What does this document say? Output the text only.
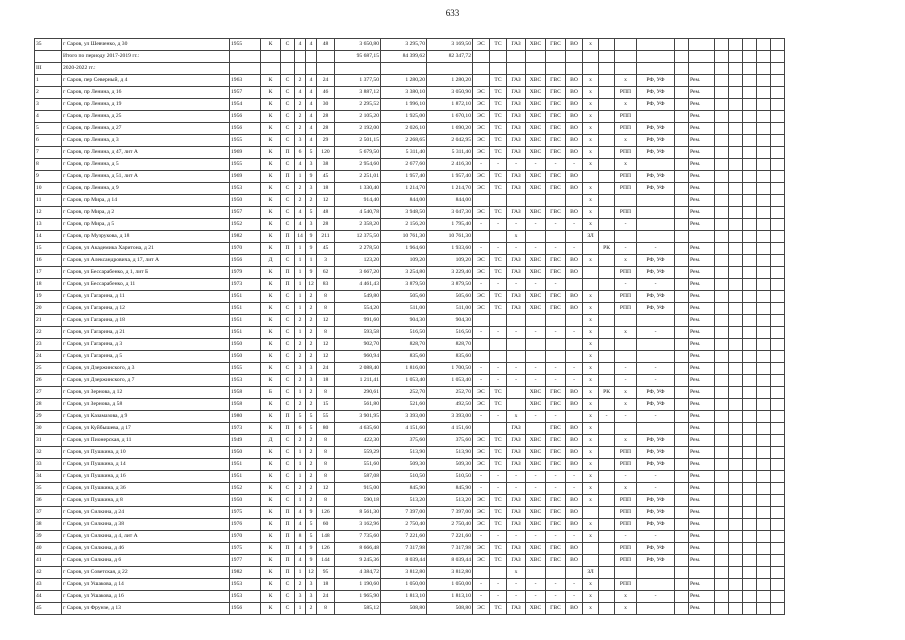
633
35	г Саров, ул Шевченко, д 30	1955	К	С	4	4	48	3 650,80	3 295,70	3 169,50	ЭС	ТС	ГАЗ	ХВС	ГВС	ВО	х										
	Итого по периоду 2017-2019 гг.:							95 687,15	84 399,62	82 347,72																	
III	2020-2022 гг.:																										
1	г Саров, пер Северный, д 4	1963	К	С	2	4	24	1 377,50	1 280,20	1 280,20		ТС	ГАЗ	ХВС	ГВС	ВО	х		х	РФ, УФ		Рем.					
2	г Саров, пр Ленина, д 16	1957	К	С	4	4	46	3 887,12	3 380,10	3 050,90	ЭС	ТС	ГАЗ	ХВС	ГВС	ВО	х		РПП	РФ, УФ		Рем.					
3	г Саров, пр Ленина, д 19	1954	К	С	2	4	30	2 295,52	1 996,10	1 872,10	ЭС	ТС	ГАЗ	ХВС	ГВС	ВО	х		х	РФ, УФ		Рем.					
4	г Саров, пр Ленина, д 25	1956	К	С	2	4	28	2 105,20	1 925,00	1 670,10	ЭС	ТС	ГАЗ	ХВС	ГВС	ВО	х		РПП			Рем.					
5	г Саров, пр Ленина, д 27	1956	К	С	2	4	28	2 192,00	2 026,10	1 690,20	ЭС	ТС	ГАЗ	ХВС	ГВС	ВО	х		РПП	РФ, УФ		Рем.					
6	г Саров, пр Ленина, д 3	1955	К	С	3	4	29	2 501,15	2 268,65	2 042,95	ЭС	ТС	ГАЗ	ХВС	ГВС	ВО	х		х	РФ, УФ		Рем.					
7	г Саров, пр Ленина, д 47, лит А	1969	К	П	6	5	120	5 679,50	5 311,40	5 311,40	ЭС	ТС	ГАЗ	ХВС	ГВС	ВО	х		РПП	РФ, УФ		Рем.					
8	г Саров, пр Ленина, д 5	1955	К	С	4	3	38	2 954,60	2 677,60	2 416,30	-	-	-	-	-	-	х		х			Рем.					
9	г Саров, пр Ленина, д 51, лит А	1969	К	П	1	9	45	2 251,01	1 957,40	1 957,40	ЭС	ТС	ГАЗ	ХВС	ГВС	ВО			РПП	РФ, УФ		Рем.					
10	г Саров, пр Ленина, д 9	1953	К	С	2	3	18	1 330,40	1 214,70	1 214,70	ЭС	ТС	ГАЗ	ХВС	ГВС	ВО	х		РПП	РФ, УФ		Рем.					
11	г Саров, пр Мира, д 14	1950	К	С	2	2	12	914,40	844,00	844,00							х					Рем.					
12	г Саров, пр Мира, д 2	1957	К	С	4	5	48	4 540,78	3 948,50	3 047,30	ЭС	ТС	ГАЗ	ХВС	ГВС	ВО	х		РПП			Рем.					
13	г Саров, пр Мира, д 5	1952	К	С	4	3	28	2 358,20	2 156,20	1 795,40	-	-	-	-	-	-	х		-			Рем.					
14	г Саров, пр Музрукова, д 18	1982	К	П	14	9	211	12 375,50	10 761,30	10 761,30			х				ЗЛ										
15	г Саров, ул Академика Харитона, д 21	1970	К	П	1	9	45	2 278,50	1 964,60	1 933,60	-	-	-	-	-	-		РК	-	-		Рем.					
16	г Саров, ул Александровича, д 17, лит А	1956	Д	С	1	1	3	123,20	109,20	109,20	ЭС	ТС	ГАЗ	ХВС	ГВС	ВО	х		х	РФ, УФ		Рем.					
17	г Саров, ул Бессарабенко, д 1, лит Б	1979	К	П	1	9	62	3 667,20	3 254,80	3 229,40	ЭС	ТС	ГАЗ	ХВС	ГВС	ВО			РПП	РФ, УФ		Рем.					
18	г Саров, ул Бессарабенко, д 11	1973	К	П	1	12	83	4 461,43	3 879,50	3 879,50	-	-	-	-	-				-	-		Рем.					
19	г Саров, ул Гагарина, д 11	1951	К	С	1	2	8	549,80	505,60	505,60	ЭС	ТС	ГАЗ	ХВС	ГВС	ВО	х		РПП	РФ, УФ		Рем.					
20	г Саров, ул Гагарина, д 12	1951	К	С	1	2	8	554,20	511,00	511,00	ЭС	ТС	ГАЗ	ХВС	ГВС	ВО	х		РПП	РФ, УФ		Рем.					
21	г Саров, ул Гагарина, д 18	1951	К	С	2	2	12	991,60	904,30	904,30							х					Рем.					
22	г Саров, ул Гагарина, д 21	1951	К	С	1	2	8	593,58	516,50	516,50	-	-	-	-	-	-	х		х	-		Рем.					
23	г Саров, ул Гагарина, д 3	1950	К	С	2	2	12	902,70	828,70	828,70							х					Рем.					
24	г Саров, ул Гагарина, д 5	1950	К	С	2	2	12	960,94	835,60	835,60							х					Рем.					
25	г Саров, ул Дзержинского, д 3	1955	К	С	3	3	24	2 088,40	1 816,00	1 700,50	-	-	-	-	-	-	х		-	-		Рем.					
26	г Саров, ул Дзержинского, д 7	1953	К	С	2	3	18	1 211,41	1 053,40	1 053,40	-	-	-	-	-	-	х		-	-		Рем.					
27	г Саров, ул Зернова, д 12	1958	Б	С	1	2	8	290,61	252,70	252,70	ЭС	ТС		ХВС	ГВС	ВО	х	РК	х	РФ, УФ		Рем.					
28	г Саров, ул Зернова, д 58	1958	К	С	2	2	15	561,80	521,60	492,50	ЭС	ТС		ХВС	ГВС	ВО	х		х	РФ, УФ		Рем.					
29	г Саров, ул Казамазова, д 9	1980	К	П	5	5	55	3 901,95	3 393,00	3 393,00	-	-	х	-	-		х	-	-	-		Рем.					
30	г Саров, ул Куйбышева, д 17	1973	К	П	6	5	80	4 635,60	4 151,60	4 151,60			ГАЗ		ГВС	ВО	х					Рем.					
31	г Саров, ул Пионерская, д 11	1949	Д	С	2	2	8	422,30	375,60	375,60	ЭС	ТС	ГАЗ	ХВС	ГВС	ВО	х		х	РФ, УФ		Рем.					
32	г Саров, ул Пушкина, д 10	1950	К	С	1	2	8	559,29	513,90	513,90	ЭС	ТС	ГАЗ	ХВС	ГВС	ВО	х		РПП	РФ, УФ		Рем.					
33	г Саров, ул Пушкина, д 14	1951	К	С	1	2	8	551,60	509,30	509,30	ЭС	ТС	ГАЗ	ХВС	ГВС	ВО	х		РПП	РФ, УФ		Рем.					
34	г Саров, ул Пушкина, д 16	1951	К	С	1	2	8	587,08	510,50	510,50	-	-	-	-	-	-	х		-	-		Рем.					
35	г Саров, ул Пушкина, д 36	1952	К	С	2	2	12	915,00	845,90	845,90	-	-	-	-	-	-	х		х	-		Рем.					
36	г Саров, ул Пушкина, д 8	1950	К	С	1	2	8	590,18	513,20	513,20	ЭС	ТС	ГАЗ	ХВС	ГВС	ВО	х		РПП	РФ, УФ		Рем.					
37	г Саров, ул Силкина, д 24	1975	К	П	4	9	126	8 561,30	7 397,00	7 397,00	ЭС	ТС	ГАЗ	ХВС	ГВС	ВО			РПП	РФ, УФ		Рем.					
38	г Саров, ул Силкина, д 38	1976	К	П	4	5	60	3 162,96	2 750,40	2 750,40	ЭС	ТС	ГАЗ	ХВС	ГВС	ВО	х		РПП	РФ, УФ		Рем.					
39	г Саров, ул Силкина, д 4, лит А	1970	К	П	8	5	148	7 735,60	7 221,60	7 221,60	-	-	-	-	-	-	х		-	-		Рем.					
40	г Саров, ул Силкина, д 46	1975	К	П	4	9	126	8 666,48	7 317,98	7 317,98	ЭС	ТС	ГАЗ	ХВС	ГВС	ВО			РПП	РФ, УФ		Рем.					
41	г Саров, ул Силкина, д 6	1977	К	П	4	9	144	9 245,36	8 039,44	8 039,44	ЭС	ТС	ГАЗ	ХВС	ГВС	ВО			РПП	РФ, УФ		Рем.					
42	г Саров, ул Советская, д 22	1982	К	П	1	12	95	4 384,72	3 812,80	3 812,80			х				ЗЛ										
43	г Саров, ул Ушакова, д 14	1953	К	С	2	3	18	1 190,60	1 050,00	1 050,00	-	-	-	-	-	-	х		РПП			Рем.					
44	г Саров, ул Ушакова, д 16	1953	К	С	3	3	24	1 965,90	1 813,10	1 813,10	-	-	-	-	-	-	х		х	-		Рем.					
45	г Саров, ул Фрунзе, д 13	1956	К	С	1	2	8	585,12	508,80	508,80	ЭС	ТС	ГАЗ	ХВС	ГВС	ВО	х		х			Рем.					
